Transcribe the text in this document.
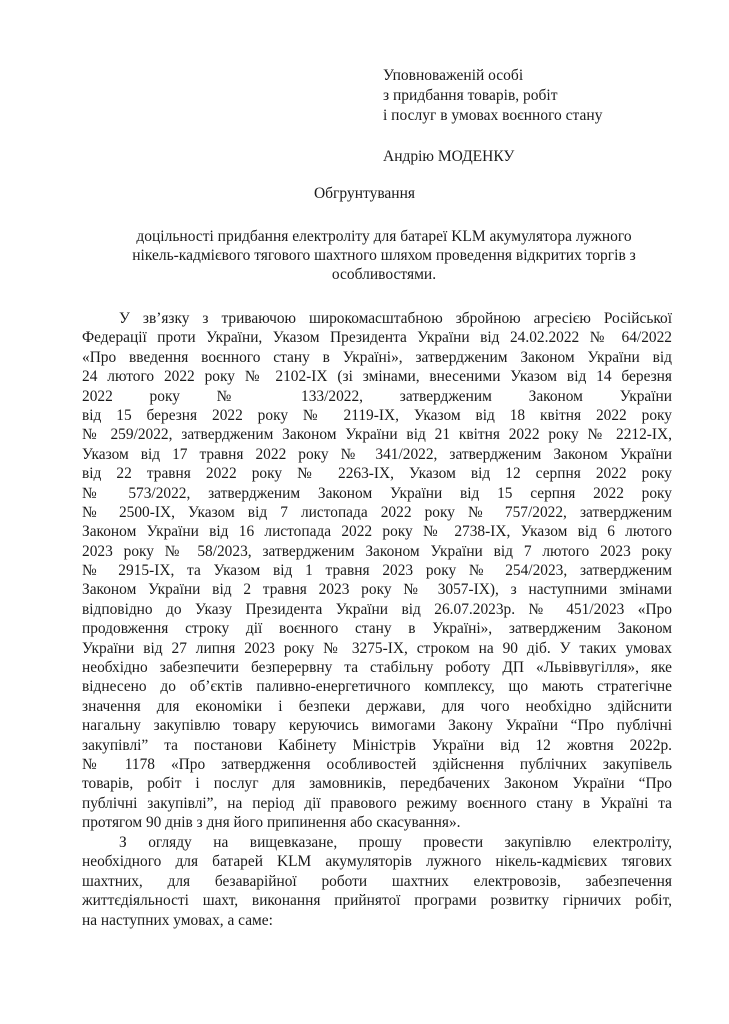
Уповноваженій особі
з придбання товарів, робіт
і послуг в умовах воєнного стану
Андрію МОДЕНКУ
Обгрунтування
доцільності придбання електроліту для батареї KLM акумулятора лужного
нікель-кадмієвого тягового шахтного шляхом проведення відкритих торгів з
особливостями.
У зв’язку з триваючою широкомасштабною збройною агресією Російської
Федерації проти України, Указом Президента України від 24.02.2022 № 64/2022
«Про введення воєнного стану в Україні», затвердженим Законом України від
24 лютого 2022 року № 2102-IX (зі змінами, внесеними Указом від 14 березня
2022 року № 133/2022, затвердженим Законом України
від 15 березня 2022 року № 2119-IX, Указом від 18 квітня 2022 року
№ 259/2022, затвердженим Законом України від 21 квітня 2022 року № 2212-IX,
Указом від 17 травня 2022 року № 341/2022, затвердженим Законом України
від 22 травня 2022 року № 2263-IX, Указом від 12 серпня 2022 року
№ 573/2022, затвердженим Законом України від 15 серпня 2022 року
№ 2500-IX, Указом від 7 листопада 2022 року № 757/2022, затвердженим
Законом України від 16 листопада 2022 року № 2738-IX, Указом від 6 лютого
2023 року № 58/2023, затвердженим Законом України від 7 лютого 2023 року
№ 2915-IX, та Указом від 1 травня 2023 року № 254/2023, затвердженим
Законом України від 2 травня 2023 року № 3057-IX), з наступними змінами
відповідно до Указу Президента України від 26.07.2023р. № 451/2023 «Про
продовження строку дії воєнного стану в Україні», затвердженим Законом
України від 27 липня 2023 року № 3275-IX, строком на 90 діб. У таких умовах
необхідно забезпечити безперервну та стабільну роботу ДП «Львіввугілля», яке
віднесено до об’єктів паливно-енергетичного комплексу, що мають стратегічне
значення для економіки і безпеки держави, для чого необхідно здійснити
нагальну закупівлю товару керуючись вимогами Закону України “Про публічні
закупівлі” та постанови Кабінету Міністрів України від 12 жовтня 2022р.
№ 1178 «Про затвердження особливостей здійснення публічних закупівель
товарів, робіт і послуг для замовників, передбачених Законом України “Про
публічні закупівлі”, на період дії правового режиму воєнного стану в Україні та
протягом 90 днів з дня його припинення або скасування».
З огляду на вищевказане, прошу провести закупівлю електроліту,
необхідного для батарей KLM акумуляторів лужного нікель-кадмієвих тягових
шахтних, для безаварійної роботи шахтних електровозів, забезпечення
життєдіяльності шахт, виконання прийнятої програми розвитку гірничих робіт,
на наступних умовах, а саме:
